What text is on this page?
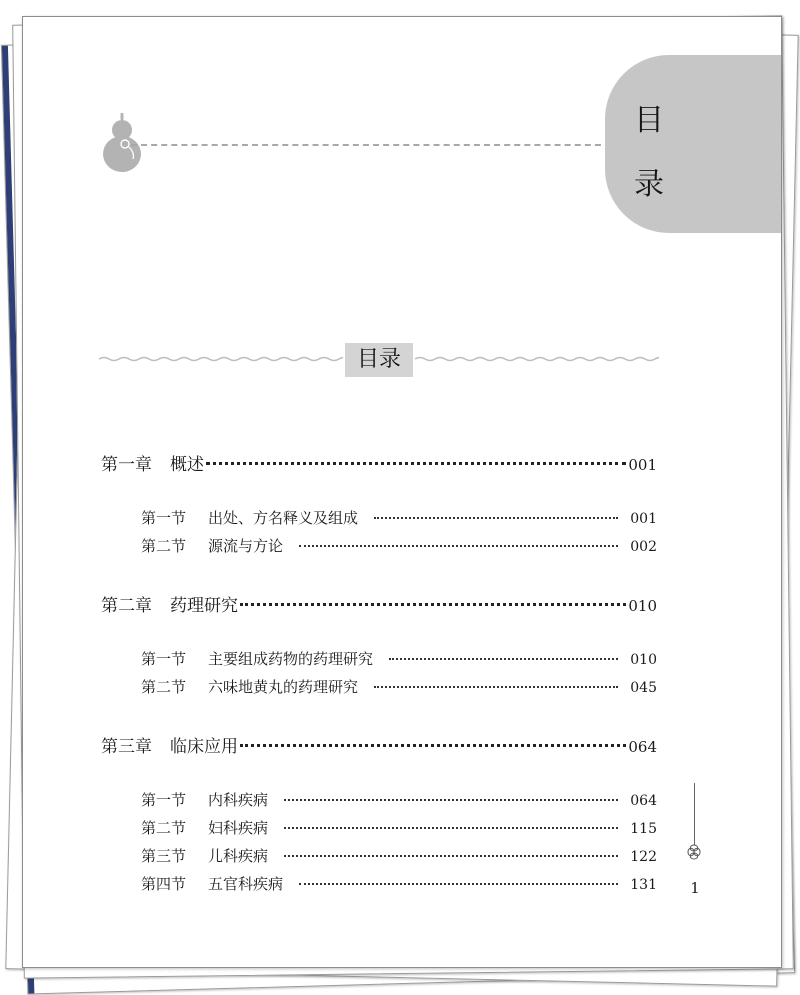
目
录
目录
第一章 概述	001
第一节 出处、方名释义及组成	001
第二节 源流与方论	002
第二章 药理研究	010
第一节 主要组成药物的药理研究	010
第二节 六味地黄丸的药理研究	045
第三章 临床应用	064
第一节 内科疾病	064
第二节 妇科疾病	115
第三节 儿科疾病	122
第四节 五官科疾病	131	1
